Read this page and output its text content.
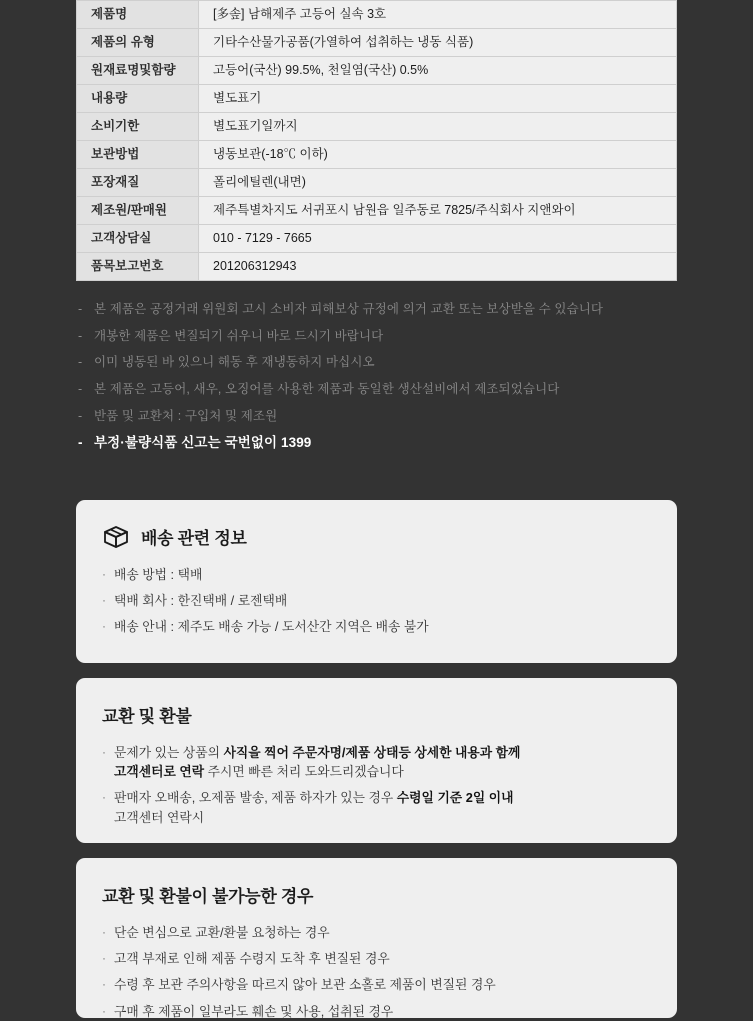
제품명	[多솦] 남해제주 고등어 실속 3호
제품의 유형	기타수산물가공품(가열하여 섭취하는 냉동 식품)
원재료명및함량	고등어(국산) 99.5%, 천일염(국산) 0.5%
내용량	별도표기
소비기한	별도표기일까지
보관방법	냉동보관(-18℃ 이하)
포장재질	폴리에틸렌(내면)
제조원/판매원	제주특별차지도 서귀포시 남원읍 일주동로 7825/주식회사 지앤와이
고객상담실	010 - 7129 - 7665
품목보고번호	201206312943
- 본 제품은 공정거래 위원회 고시 소비자 피해보상 규정에 의거 교환 또는 보상받을 수 있습니다
- 개봉한 제품은 변질되기 쉬우니 바로 드시기 바랍니다
- 이미 냉동된 바 있으니 해동 후 재냉동하지 마십시오
- 본 제품은 고등어, 새우, 오징어를 사용한 제품과 동일한 생산설비에서 제조되었습니다
- 반품 및 교환처 : 구입처 및 제조원
- 부정·불량식품 신고는 국번없이 1399
배송 관련 정보
· 배송 방법 : 택배
· 택배 회사 : 한진택배 / 로젠택배
· 배송 안내 : 제주도 배송 가능 / 도서산간 지역은 배송 불가
교환 및 환불
· 문제가 있는 상품의 사직을 찍어 주문자명/제품 상태등 상세한 내용과 함께
고객센터로 연락 주시면 빠른 처리 도와드리겠습니다
· 판매자 오배송, 오제품 발송, 제품 하자가 있는 경우 수령일 기준 2일 이내
고객센터 연락시
교환 및 환불이 불가능한 경우
· 단순 변심으로 교환/환불 요청하는 경우
· 고객 부재로 인해 제품 수령지 도착 후 변질된 경우
· 수령 후 보관 주의사항을 따르지 않아 보관 소홀로 제품이 변질된 경우
· 구매 후 제품이 일부라도 훼손 및 사용, 섭취된 경우
